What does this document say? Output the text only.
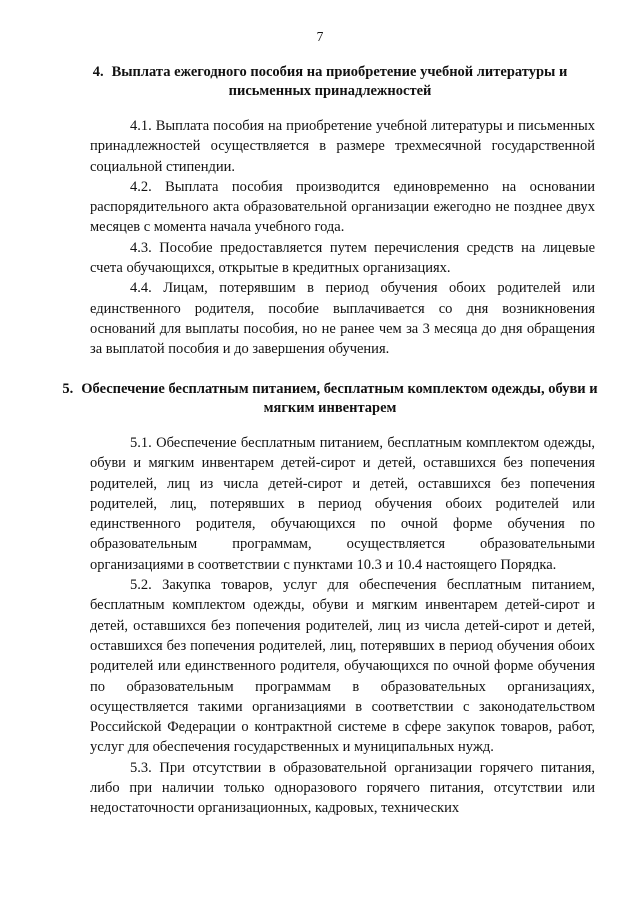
7
4. Выплата ежегодного пособия на приобретение учебной литературы и письменных принадлежностей

4.1. Выплата пособия на приобретение учебной литературы и письменных принадлежностей осуществляется в размере трехмесячной государственной социальной стипендии.

4.2. Выплата пособия производится единовременно на основании распорядительного акта образовательной организации ежегодно не позднее двух месяцев с момента начала учебного года.

4.3. Пособие предоставляется путем перечисления средств на лицевые счета обучающихся, открытые в кредитных организациях.

4.4. Лицам, потерявшим в период обучения обоих родителей или единственного родителя, пособие выплачивается со дня возникновения оснований для выплаты пособия, но не ранее чем за 3 месяца до дня обращения за выплатой пособия и до завершения обучения.

5. Обеспечение бесплатным питанием, бесплатным комплектом одежды, обуви и мягким инвентарем

5.1. Обеспечение бесплатным питанием, бесплатным комплектом одежды, обуви и мягким инвентарем детей-сирот и детей, оставшихся без попечения родителей, лиц из числа детей-сирот и детей, оставшихся без попечения родителей, лиц, потерявших в период обучения обоих родителей или единственного родителя, обучающихся по очной форме обучения по образовательным программам, осуществляется образовательными организациями в соответствии с пунктами 10.3 и 10.4 настоящего Порядка.

5.2. Закупка товаров, услуг для обеспечения бесплатным питанием, бесплатным комплектом одежды, обуви и мягким инвентарем детей-сирот и детей, оставшихся без попечения родителей, лиц из числа детей-сирот и детей, оставшихся без попечения родителей, лиц, потерявших в период обучения обоих родителей или единственного родителя, обучающихся по очной форме обучения по образовательным программам в образовательных организациях, осуществляется такими организациями в соответствии с законодательством Российской Федерации о контрактной системе в сфере закупок товаров, работ, услуг для обеспечения государственных и муниципальных нужд.

5.3. При отсутствии в образовательной организации горячего питания, либо при наличии только одноразового горячего питания, отсутствии или недостаточности организационных, кадровых, технических
